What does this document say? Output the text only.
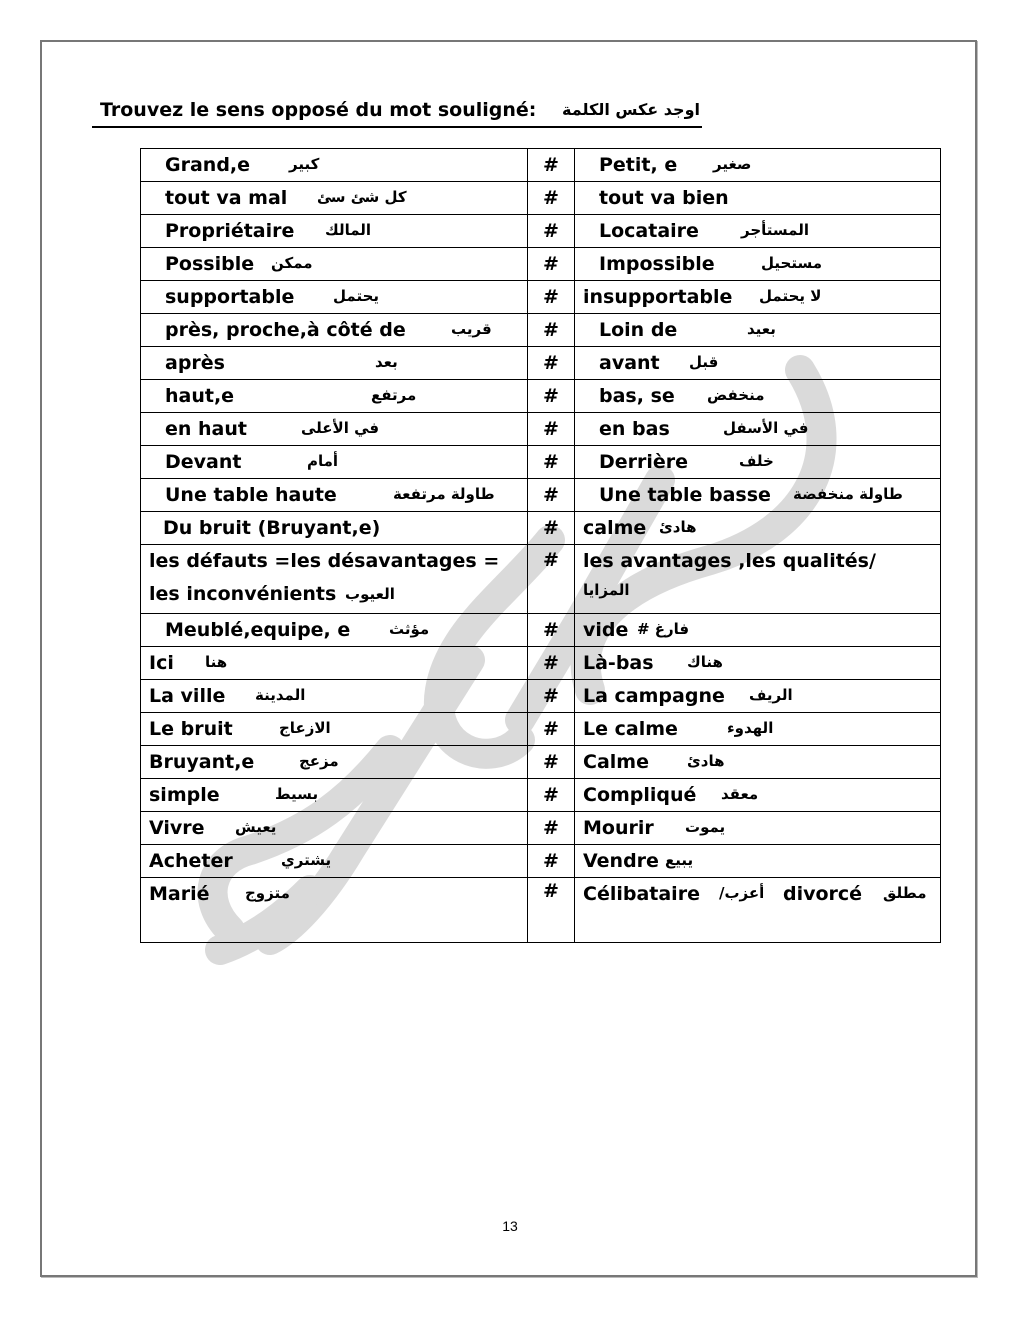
Trouvez le sens opposé du mot souligné: اوجد عكس الكلمة
Grand,e كبير	#	Petit, e صغير

tout va mal كل شئ سئ	#	tout va bien

Propriétaire المالك	#	Locataire المستأجر

Possible ممكن	#	Impossible مستحيل

supportable يحتمل	#	insupportable لا يحتمل

près, proche,à côté de قريب	#	Loin de بعيد

après بعد	#	avant قبل

haut,e مرتفع	#	bas, se منخفض

en haut في الأعلى	#	en bas في الأسفل

Devant أمام	#	Derrière خلف

Une table haute طاولة مرتفعة	#	Une table basse طاولة منخفضة

Du bruit (Bruyant,e)	#	calme هادئ

les défauts =les désavantages =
les inconvénients العيوب	#	les avantages ,les qualités/
المزايا

Meublé,equipe, e مؤثث	#	vide فارغ #

Ici هنا	#	Là-bas هناك

La ville المدينة	#	La campagne الريف

Le bruit الازعاج	#	Le calme الهدوء

Bruyant,e مزعج	#	Calme هادئ

simple بسيط	#	Compliqué معقد

Vivre يعيش	#	Mourir يموت

Acheter يشتري	#	Vendre يبيع

Marié متزوج	#	Célibataire أعزب/ divorcé مطلق
13
